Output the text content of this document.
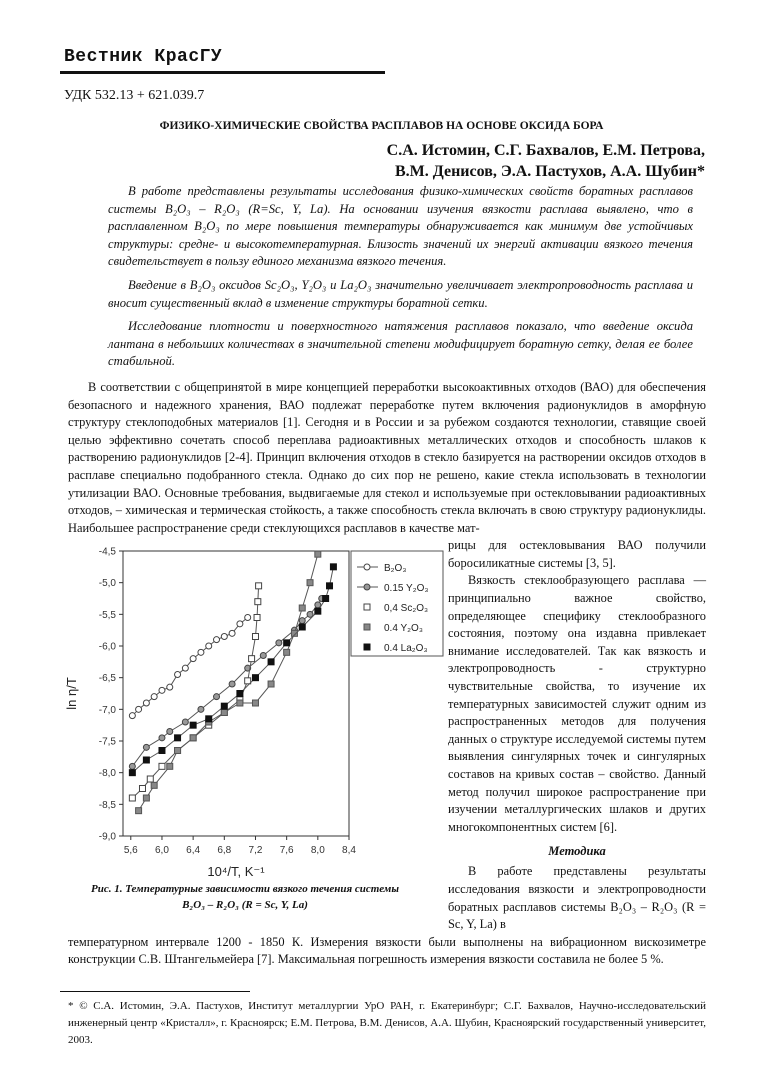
Вестник КрасГУ
УДК 532.13 + 621.039.7
ФИЗИКО-ХИМИЧЕСКИЕ СВОЙСТВА РАСПЛАВОВ НА ОСНОВЕ ОКСИДА БОРА
С.А. Истомин, С.Г. Бахвалов, Е.М. Петрова,
В.М. Денисов, Э.А. Пастухов, А.А. Шубин*

В работе представлены результаты исследования физико-химических свойств боратных расплавов системы B₂O₃ – R₂O₃ (R=Sc, Y, La). На основании изучения вязкости расплава выявлено, что в расплавленном B₂O₃ по мере повышения температуры обнаруживается как минимум две устойчивых структуры: средне- и высокотемпературная. Близость значений их энергий активации вязкого течения свидетельствует в пользу единого механизма вязкого течения.

Введение в B₂O₃ оксидов Sc₂O₃, Y₂O₃ и La₂O₃ значительно увеличивает электропроводность расплава и вносит существенный вклад в изменение структуры боратной сетки.

Исследование плотности и поверхностного натяжения расплавов показало, что введение оксида лантана в небольших количествах в значительной степени модифицирует боратную сетку, делая ее более стабильной.

В соответствии с общепринятой в мире концепцией переработки высокоактивных отходов (ВАО) для обеспечения безопасного и надежного хранения, ВАО подлежат переработке путем включения радионуклидов в аморфную структуру стеклоподобных материалов [1]. Сегодня и в России и за рубежом создаются технологии, ставящие своей целью эффективно сочетать способ переплава радиоактивных металлических отходов и способность шлаков к растворению радионуклидов [2-4]. Принцип включения отходов в стекло базируется на растворении оксидов отходов в расплаве специально подобранного стекла. Однако до сих пор не решено, какие стекла использовать в технологии утилизации ВАО. Основные требования, выдвигаемые для стекол и используемые при остекловывании радиоактивных отходов, – химическая и термическая стойкость, а также способность стекла включать в свою структуру радионуклиды. Наибольшее распространение среди стеклующихся расплавов в качестве мат-

5,6 6,0 6,4 6,8 7,2 7,6 8,0 8,4
-4,5
-5,0
-5,5
-6,0
-6,5
-7,0
-7,5
-8,0
-8,5
-9,0
10⁴/T, K⁻¹
ln η/T
B₂O₃
0.15 Y₂O₃
0,4 Sc₂O₃
0.4 Y₂O₃
0.4 La₂O₃
Рис. 1. Температурные зависимости вязкого течения системы
B₂O₃ – R₂O₃ (R = Sc, Y, La)

рицы для остекловывания ВАО получили боросиликатные системы [3, 5].

Вязкость стеклообразующего расплава — принципиально важное свойство, определяющее специфику стеклообразного состояния, поэтому она издавна привлекает внимание исследователей. Так как вязкость и электропроводность - структурно чувствительные свойства, то изучение их температурных зависимостей служит одним из распространенных методов для получения данных о структуре исследуемой системы путем выявления сингулярных точек и сингулярных составов на кривых состав – свойство. Данный метод получил широкое распространение при изучении металлургических шлаков и других многокомпонентных систем [6].

Методика

В работе представлены результаты исследования вязкости и электропроводности боратных расплавов системы B₂O₃ – R₂O₃ (R = Sc, Y, La) в

температурном интервале 1200 - 1850 К. Измерения вязкости были выполнены на вибрационном вискозиметре конструкции С.В. Штангельмейера [7]. Максимальная погрешность измерения вязкости составила не более 5 %.

* © С.А. Истомин, Э.А. Пастухов, Институт металлургии УрО РАН, г. Екатеринбург; С.Г. Бахвалов, Научно-исследовательский инженерный центр «Кристалл», г. Красноярск; Е.М. Петрова, В.М. Денисов, А.А. Шубин, Красноярский государственный университет, 2003.
